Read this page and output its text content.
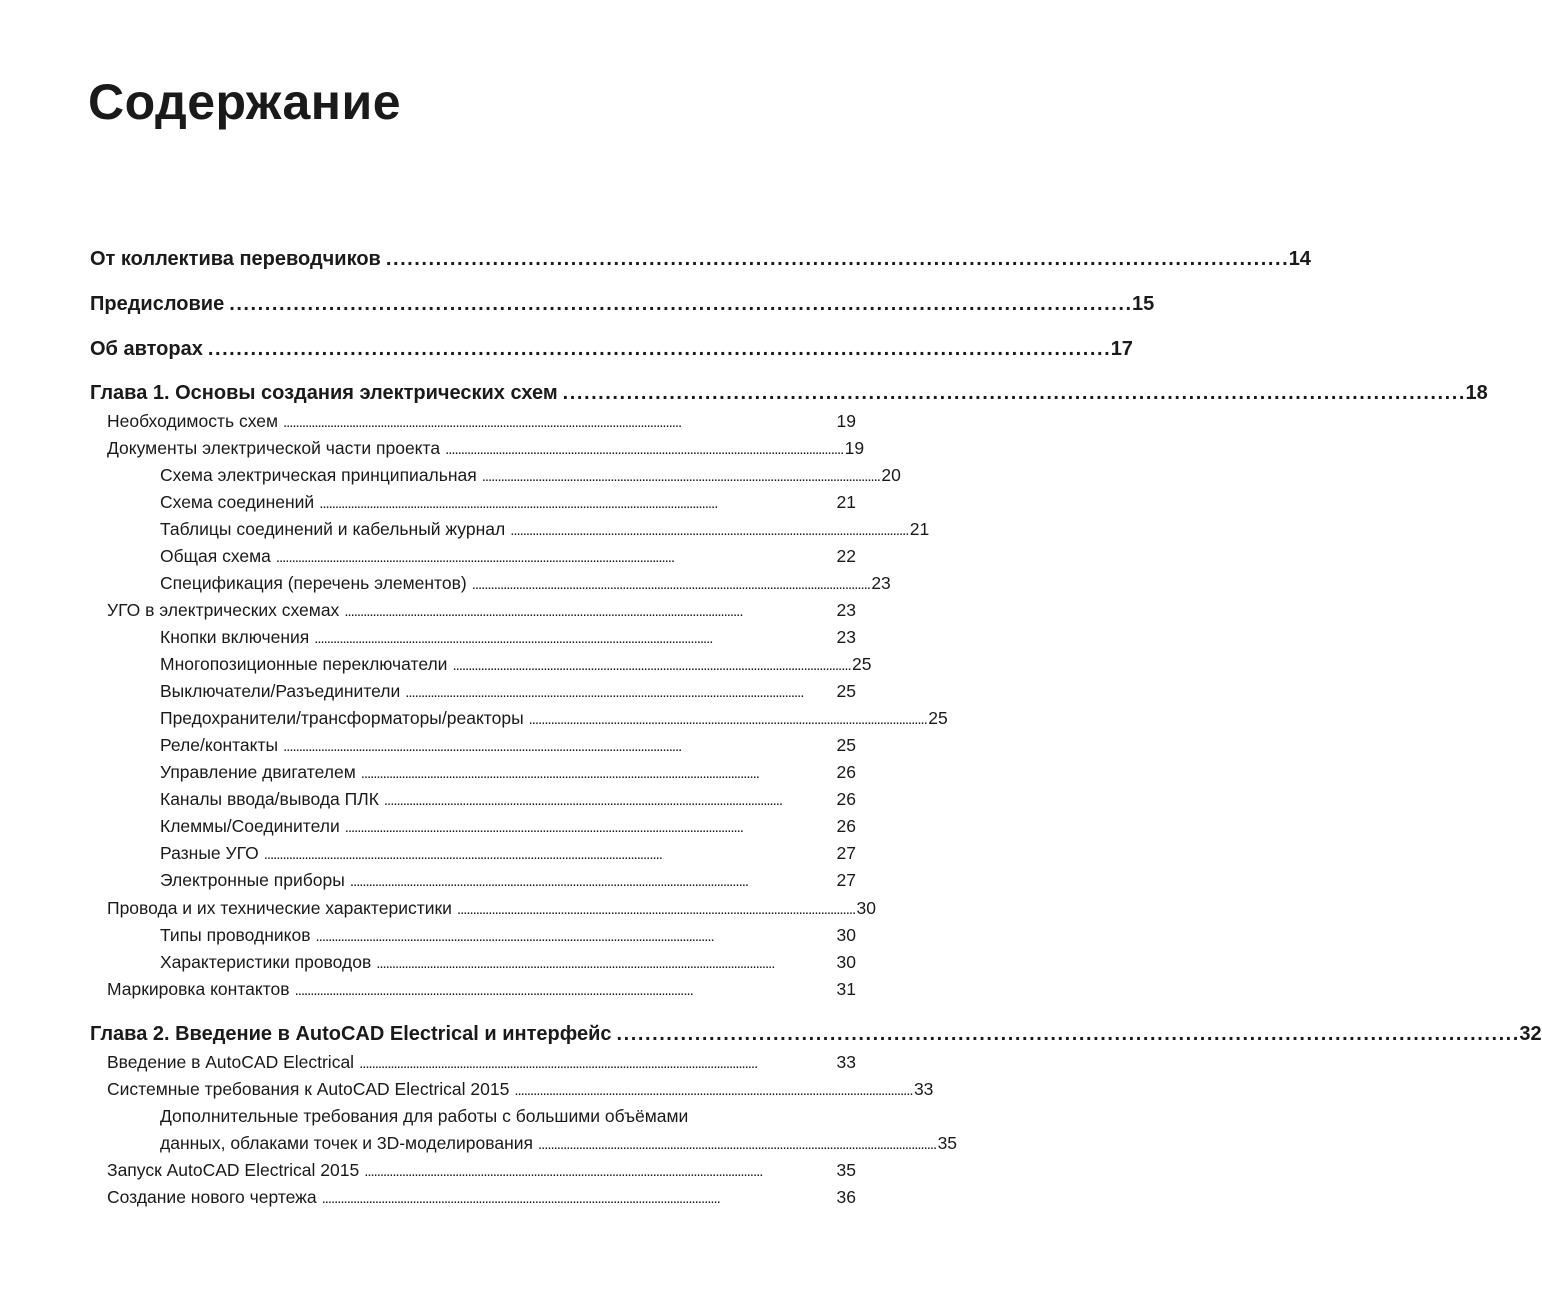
Содержание
От коллектива переводчиков . . .	14
Предисловие . . .	15
Об авторах . . .	17
Глава 1. Основы создания электрических схем . . .	18
Необходимость схем . . .	19
Документы электрической части проекта . . .	19
Схема электрическая принципиальная . . .	20
Схема соединений . . .	21
Таблицы соединений и кабельный журнал . . .	21
Общая схема . . .	22
Спецификация (перечень элементов) . . .	23
УГО в электрических схемах . . .	23
Кнопки включения . . .	23
Многопозиционные переключатели . . .	25
Выключатели/Разъединители . . .	25
Предохранители/трансформаторы/реакторы . . .	25
Реле/контакты . . .	25
Управление двигателем . . .	26
Каналы ввода/вывода ПЛК . . .	26
Клеммы/Соединители . . .	26
Разные УГО . . .	27
Электронные приборы . . .	27
Провода и их технические характеристики . . .	30
Типы проводников . . .	30
Характеристики проводов . . .	30
Маркировка контактов . . .	31
Глава 2. Введение в AutoCAD Electrical и интерфейс . . .	32
Введение в AutoCAD Electrical . . .	33
Системные требования к AutoCAD Electrical 2015 . . .	33
Дополнительные требования для работы с большими объёмами
данных, облаками точек и 3D-моделирования . . .	35
Запуск AutoCAD Electrical 2015 . . .	35
Создание нового чертежа . . .	36
